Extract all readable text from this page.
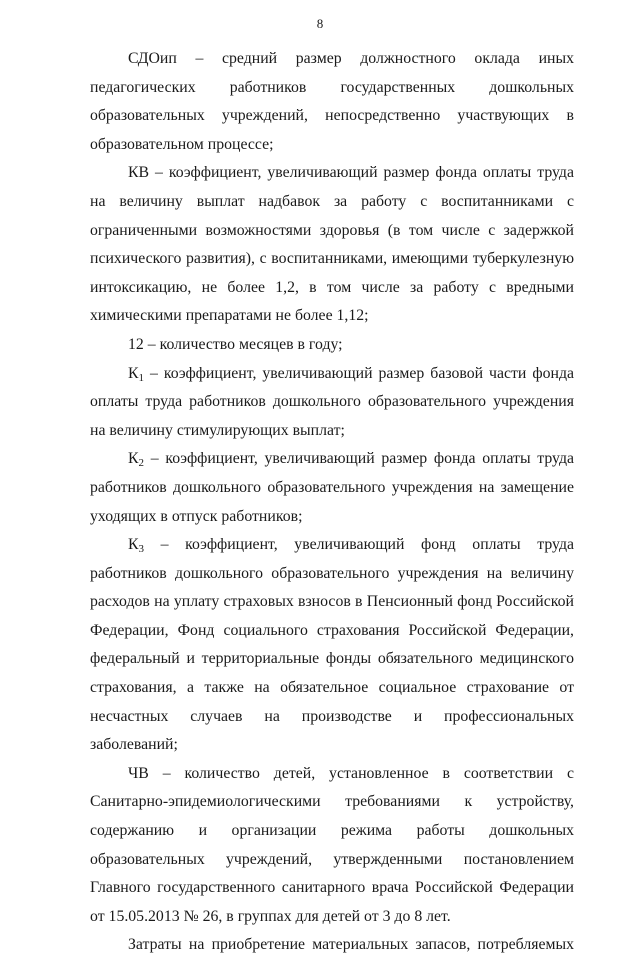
8

СДОип – средний размер должностного оклада иных педагогических работников государственных дошкольных образовательных учреждений, непосредственно участвующих в образовательном процессе;

КВ – коэффициент, увеличивающий размер фонда оплаты труда на величину выплат надбавок за работу с воспитанниками с ограниченными возможностями здоровья (в том числе с задержкой психического развития), с воспитанниками, имеющими туберкулезную интоксикацию, не более 1,2, в том числе за работу с вредными химическими препаратами не более 1,12;

12 – количество месяцев в году;

$К_1$ – коэффициент, увеличивающий размер базовой части фонда оплаты труда работников дошкольного образовательного учреждения на величину стимулирующих выплат;

$К_2$ – коэффициент, увеличивающий размер фонда оплаты труда работников дошкольного образовательного учреждения на замещение уходящих в отпуск работников;

$К_3$ – коэффициент, увеличивающий фонд оплаты труда работников дошкольного образовательного учреждения на величину расходов на уплату страховых взносов в Пенсионный фонд Российской Федерации, Фонд социального страхования Российской Федерации, федеральный и территориальные фонды обязательного медицинского страхования, а также на обязательное социальное страхование от несчастных случаев на производстве и профессиональных заболеваний;

ЧВ – количество детей, установленное в соответствии с Санитарно-эпидемиологическими требованиями к устройству, содержанию и организации режима работы дошкольных образовательных учреждений, утвержденными постановлением Главного государственного санитарного врача Российской Федерации от 15.05.2013 № 26, в группах для детей от 3 до 8 лет.

Затраты на приобретение материальных запасов, потребляемых
